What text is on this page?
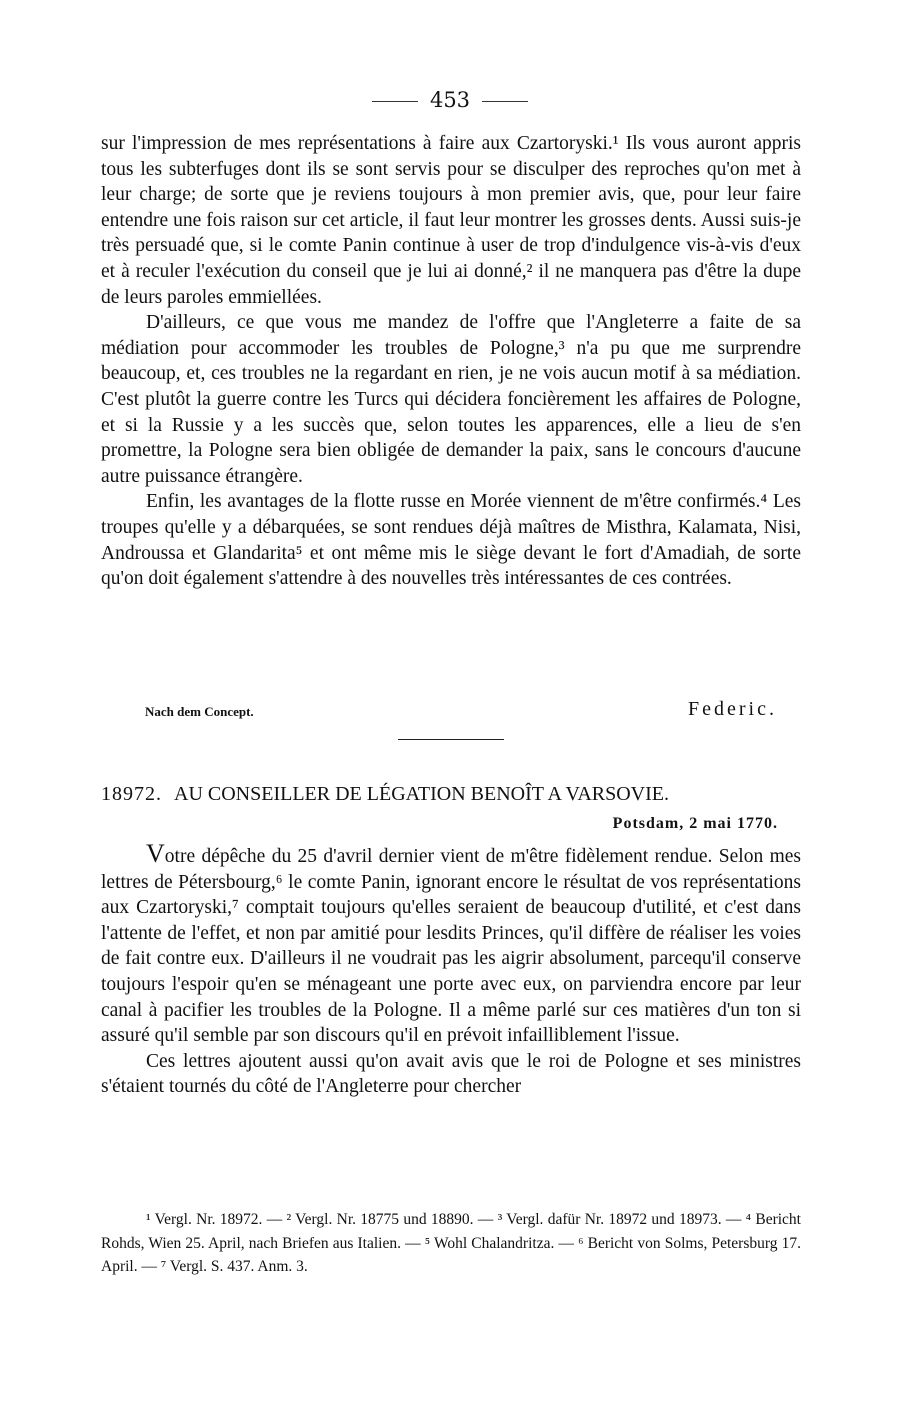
453

sur l'impression de mes représentations à faire aux Czartoryski.¹ Ils vous auront appris tous les subterfuges dont ils se sont servis pour se disculper des reproches qu'on met à leur charge; de sorte que je reviens toujours à mon premier avis, que, pour leur faire entendre une fois raison sur cet article, il faut leur montrer les grosses dents. Aussi suis-je très persuadé que, si le comte Panin continue à user de trop d'indulgence vis-à-vis d'eux et à reculer l'exécution du conseil que je lui ai donné,² il ne manquera pas d'être la dupe de leurs paroles emmiellées.

D'ailleurs, ce que vous me mandez de l'offre que l'Angleterre a faite de sa médiation pour accommoder les troubles de Pologne,³ n'a pu que me surprendre beaucoup, et, ces troubles ne la regardant en rien, je ne vois aucun motif à sa médiation. C'est plutôt la guerre contre les Turcs qui décidera foncièrement les affaires de Pologne, et si la Russie y a les succès que, selon toutes les apparences, elle a lieu de s'en promettre, la Pologne sera bien obligée de demander la paix, sans le concours d'aucune autre puissance étrangère.

Enfin, les avantages de la flotte russe en Morée viennent de m'être confirmés.⁴ Les troupes qu'elle y a débarquées, se sont rendues déjà maîtres de Misthra, Kalamata, Nisi, Androussa et Glandarita⁵ et ont même mis le siège devant le fort d'Amadiah, de sorte qu'on doit également s'attendre à des nouvelles très intéressantes de ces contrées.

Nach dem Concept.	Federic.
18972. AU CONSEILLER DE LÉGATION BENOÎT A VARSOVIE.
Potsdam, 2 mai 1770.

Votre dépêche du 25 d'avril dernier vient de m'être fidèlement rendue. Selon mes lettres de Pétersbourg,⁶ le comte Panin, ignorant encore le résultat de vos représentations aux Czartoryski,⁷ comptait toujours qu'elles seraient de beaucoup d'utilité, et c'est dans l'attente de l'effet, et non par amitié pour lesdits Princes, qu'il diffère de réaliser les voies de fait contre eux. D'ailleurs il ne voudrait pas les aigrir absolument, parcequ'il conserve toujours l'espoir qu'en se ménageant une porte avec eux, on parviendra encore par leur canal à pacifier les troubles de la Pologne. Il a même parlé sur ces matières d'un ton si assuré qu'il semble par son discours qu'il en prévoit infailliblement l'issue.

Ces lettres ajoutent aussi qu'on avait avis que le roi de Pologne et ses ministres s'étaient tournés du côté de l'Angleterre pour chercher

¹ Vergl. Nr. 18972. — ² Vergl. Nr. 18775 und 18890. — ³ Vergl. dafür Nr. 18972 und 18973. — ⁴ Bericht Rohds, Wien 25. April, nach Briefen aus Italien. — ⁵ Wohl Chalandritza. — ⁶ Bericht von Solms, Petersburg 17. April. — ⁷ Vergl. S. 437. Anm. 3.
